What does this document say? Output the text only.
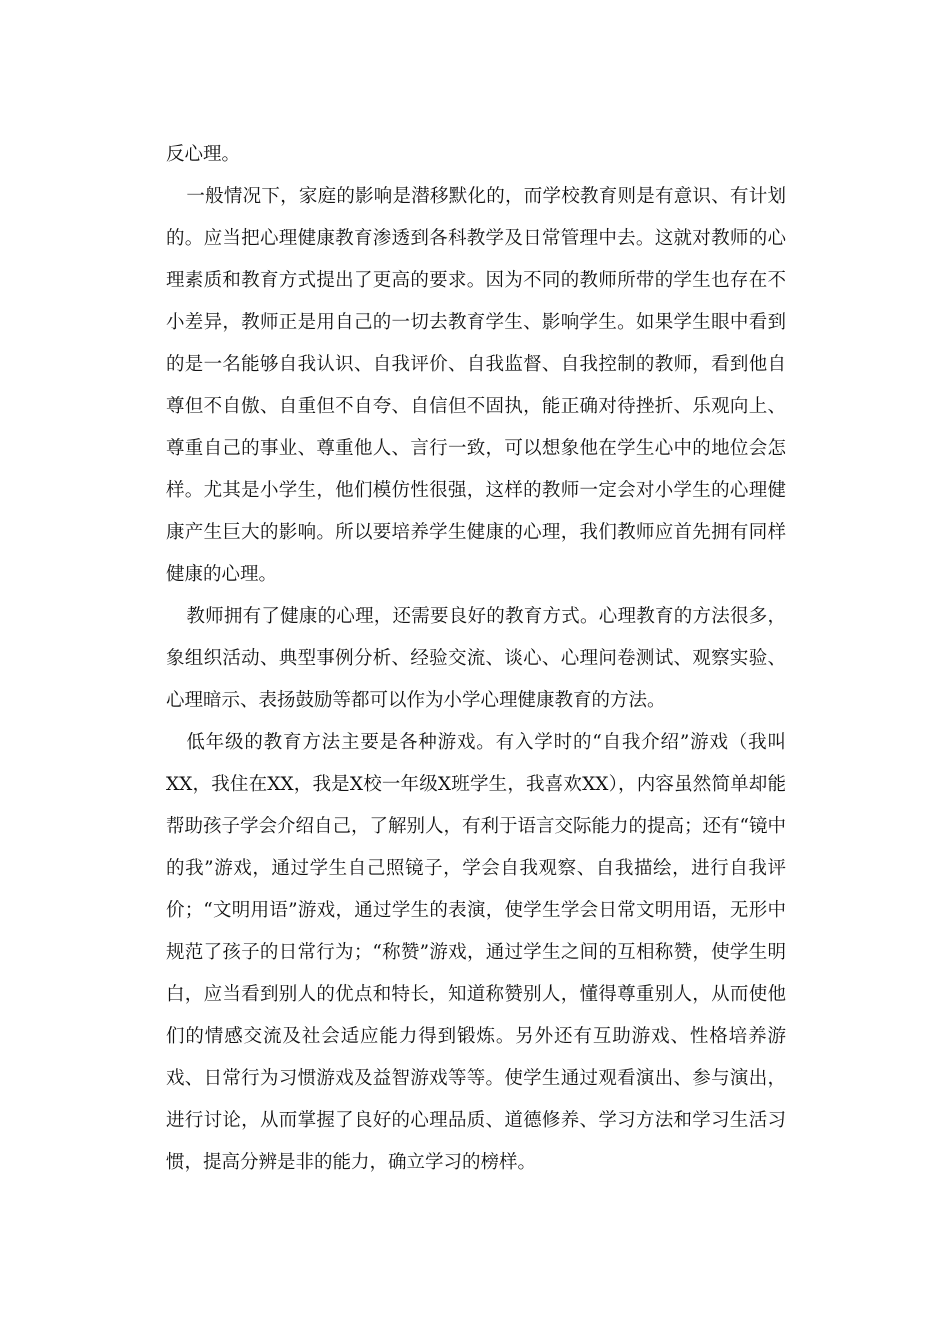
反心理。

一般情况下，家庭的影响是潜移默化的，而学校教育则是有意识、有计划的。应当把心理健康教育渗透到各科教学及日常管理中去。这就对教师的心理素质和教育方式提出了更高的要求。因为不同的教师所带的学生也存在不小差异，教师正是用自己的一切去教育学生、影响学生。如果学生眼中看到的是一名能够自我认识、自我评价、自我监督、自我控制的教师，看到他自尊但不自傲、自重但不自夸、自信但不固执，能正确对待挫折、乐观向上、尊重自己的事业、尊重他人、言行一致，可以想象他在学生心中的地位会怎样。尤其是小学生，他们模仿性很强，这样的教师一定会对小学生的心理健康产生巨大的影响。所以要培养学生健康的心理，我们教师应首先拥有同样健康的心理。

教师拥有了健康的心理，还需要良好的教育方式。心理教育的方法很多，象组织活动、典型事例分析、经验交流、谈心、心理问卷测试、观察实验、心理暗示、表扬鼓励等都可以作为小学心理健康教育的方法。

低年级的教育方法主要是各种游戏。有入学时的“自我介绍”游戏（我叫XX，我住在XX，我是X校一年级X班学生，我喜欢XX），内容虽然简单却能帮助孩子学会介绍自己，了解别人，有利于语言交际能力的提高；还有“镜中的我”游戏，通过学生自己照镜子，学会自我观察、自我描绘，进行自我评价；“文明用语”游戏，通过学生的表演，使学生学会日常文明用语，无形中规范了孩子的日常行为；“称赞”游戏，通过学生之间的互相称赞，使学生明白，应当看到别人的优点和特长，知道称赞别人，懂得尊重别人，从而使他们的情感交流及社会适应能力得到锻炼。另外还有互助游戏、性格培养游戏、日常行为习惯游戏及益智游戏等等。使学生通过观看演出、参与演出，进行讨论，从而掌握了良好的心理品质、道德修养、学习方法和学习生活习惯，提高分辨是非的能力，确立学习的榜样。
